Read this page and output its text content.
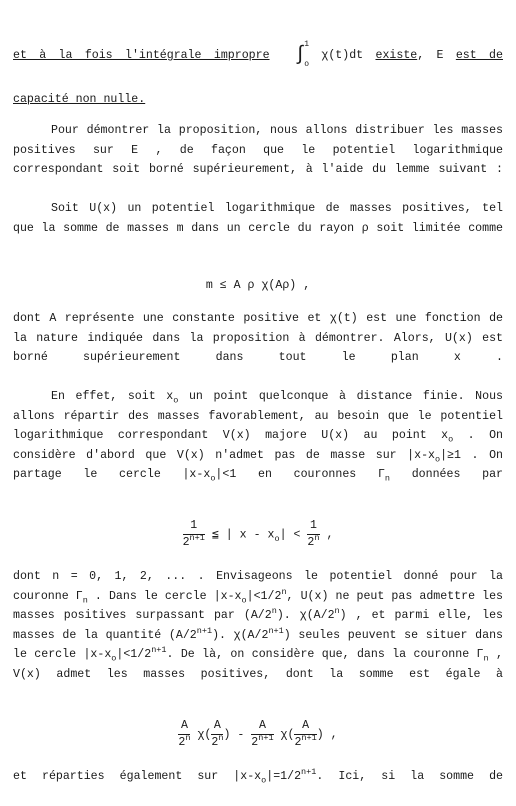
et à la fois l'intégrale impropre ∫1

o χ(t)dt existe, E est de

capacité non nulle.

Pour démontrer la proposition, nous allons distribuer les masses positives sur E , de façon que le potentiel logarithmique correspondant soit borné supérieurement, à l'aide du lemme suivant :

Soit U(x) un potentiel logarithmique de masses positives, tel que la somme de masses m dans un cercle du rayon ρ soit limitée comme

m ≤ A ρ χ(Aρ) ,

dont A représente une constante positive et χ(t) est une fonction de la nature indiquée dans la proposition à démontrer. Alors, U(x) est borné supérieurement dans tout le plan x .

En effet, soit $x_o$ un point quelconque à distance finie. Nous allons répartir des masses favorablement, au besoin que le potentiel logarithmique correspondant V(x) majore U(x) au point $x_o$ . On considère d'abord que V(x) n'admet pas de masse sur $|x-x_o|\ge 1$ . On partage le cercle $|x-x_o|<1$ en couronnes $\Gamma_n$ données par

$\frac{1}{2^{n+1}}$ ≦ | $x - x_o| < \frac{1}{2^n}$ ,

dont n = 0, 1, 2, ... . Envisageons le potentiel donné pour la couronne $\Gamma_n$ . Dans le cercle $|x-x_o|<1/2^n$, U(x) ne peut pas admettre les masses positives surpassant par (A/2$^n$). χ(A/2$^n$) , et parmi elle, les masses de la quantité $(A/2^{n+1})$. $\chi(A/2^{n+1})$ seules peuvent se situer dans le cercle $|x-x_o|<1/2^{n+1}$. De là, on considère que, dans la couronne $\Gamma_n$ , V(x) admet les masses positives, dont la somme est égale à

$\frac{A}{2^n} \chi( \frac{A}{2^n}$ ) - $\frac{A}{2^{n+1}} \chi( \frac{A}{2^{n+1}}$ ) ,

et réparties également sur $|x-x_o|=1/2^{n+1}$. Ici, si la somme de
